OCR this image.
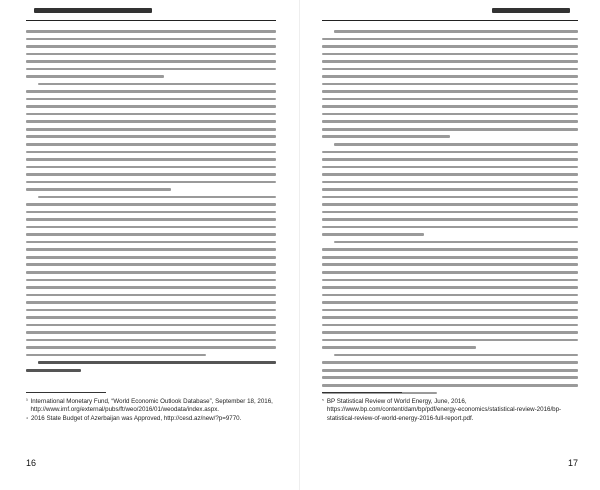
$^{^3}$ International Monetary Fund, “World Economic Outlook Database”, September 18, 2016, http://www.imf.org/external/pubs/ft/weo/2016/01/weodata/index.aspx.
$^{^4}$ 2016 State Budget of Azerbaijan was Approved, http://cesd.az/new/?p=9770.
16
$^{^5}$ BP Statistical Review of World Energy, June, 2016, https://www.bp.com/content/dam/bp/pdf/energy-economics/statistical-review-2016/bp-statistical-review-of-world-energy-2016-full-report.pdf.
17
